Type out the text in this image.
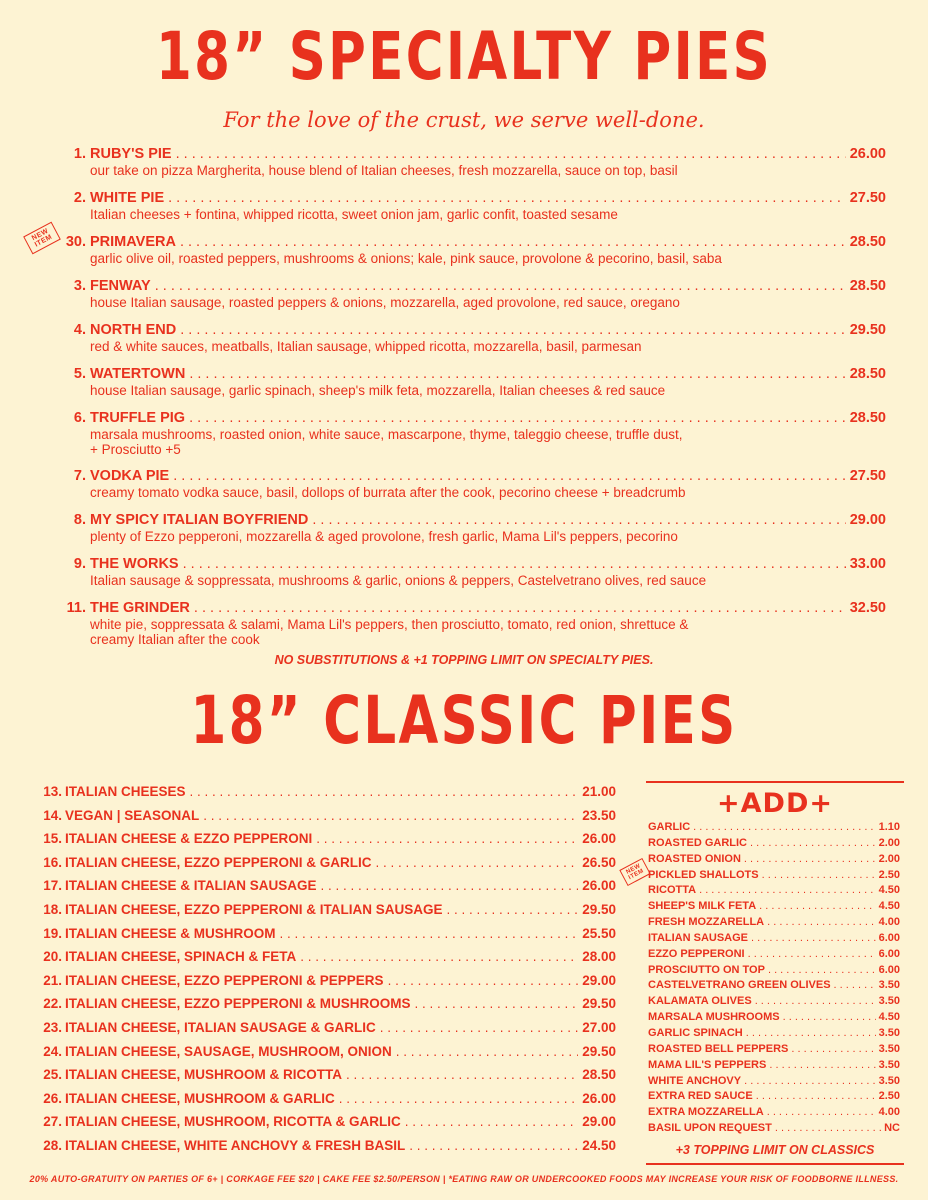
18” SPECIALTY PIES
For the love of the crust, we serve well-done.
1. RUBY'S PIE . . .	26.00
our take on pizza Margherita, house blend of Italian cheeses, fresh mozzarella, sauce on top, basil
2. WHITE PIE . . .	27.50
Italian cheeses + fontina, whipped ricotta, sweet onion jam, garlic confit, toasted sesame
30. PRIMAVERA . . .	28.50
garlic olive oil, roasted peppers, mushrooms & onions; kale, pink sauce, provolone & pecorino, basil, saba
NEW ITEM
3. FENWAY . . .	28.50
house Italian sausage, roasted peppers & onions, mozzarella, aged provolone, red sauce, oregano
4. NORTH END . . .	29.50
red & white sauces, meatballs, Italian sausage, whipped ricotta, mozzarella, basil, parmesan
5. WATERTOWN . . .	28.50
house Italian sausage, garlic spinach, sheep's milk feta, mozzarella, Italian cheeses & red sauce
6. TRUFFLE PIG . . .	28.50
marsala mushrooms, roasted onion, white sauce, mascarpone, thyme, taleggio cheese, truffle dust,
+ Prosciutto +5
7. VODKA PIE . . .	27.50
creamy tomato vodka sauce, basil, dollops of burrata after the cook, pecorino cheese + breadcrumb
8. MY SPICY ITALIAN BOYFRIEND . . .	29.00
plenty of Ezzo pepperoni, mozzarella & aged provolone, fresh garlic, Mama Lil's peppers, pecorino
9. THE WORKS . . .	33.00
Italian sausage & soppressata, mushrooms & garlic, onions & peppers, Castelvetrano olives, red sauce
11. THE GRINDER . . .	32.50
white pie, soppressata & salami, Mama Lil's peppers, then prosciutto, tomato, red onion, shrettuce &
creamy Italian after the cook
NO SUBSTITUTIONS & +1 TOPPING LIMIT ON SPECIALTY PIES.
18” CLASSIC PIES
13. ITALIAN CHEESES . . .	21.00
14. VEGAN | SEASONAL . . .	23.50
15. ITALIAN CHEESE & EZZO PEPPERONI . . .	26.00
16. ITALIAN CHEESE, EZZO PEPPERONI & GARLIC . . .	26.50
17. ITALIAN CHEESE & ITALIAN SAUSAGE . . .	26.00
18. ITALIAN CHEESE, EZZO PEPPERONI & ITALIAN SAUSAGE . . .	29.50
19. ITALIAN CHEESE & MUSHROOM . . .	25.50
20. ITALIAN CHEESE, SPINACH & FETA . . .	28.00
21. ITALIAN CHEESE, EZZO PEPPERONI & PEPPERS . . .	29.00
22. ITALIAN CHEESE, EZZO PEPPERONI & MUSHROOMS . . .	29.50
23. ITALIAN CHEESE, ITALIAN SAUSAGE & GARLIC . . .	27.00
24. ITALIAN CHEESE, SAUSAGE, MUSHROOM, ONION . . .	29.50
25. ITALIAN CHEESE, MUSHROOM & RICOTTA . . .	28.50
26. ITALIAN CHEESE, MUSHROOM & GARLIC . . .	26.00
27. ITALIAN CHEESE, MUSHROOM, RICOTTA & GARLIC . . .	29.00
28. ITALIAN CHEESE, WHITE ANCHOVY & FRESH BASIL . . .	24.50
+ADD+
GARLIC . . .	1.10
ROASTED GARLIC . . .	2.00
ROASTED ONION . . .	2.00
PICKLED SHALLOTS . . .	2.50
NEW ITEM
RICOTTA . . .	4.50
SHEEP'S MILK FETA . . .	4.50
FRESH MOZZARELLA . . .	4.00
ITALIAN SAUSAGE . . .	6.00
EZZO PEPPERONI . . .	6.00
PROSCIUTTO ON TOP . . .	6.00
CASTELVETRANO GREEN OLIVES . . .	3.50
KALAMATA OLIVES . . .	3.50
MARSALA MUSHROOMS . . .	4.50
GARLIC SPINACH . . .	3.50
ROASTED BELL PEPPERS . . .	3.50
MAMA LIL'S PEPPERS . . .	3.50
WHITE ANCHOVY . . .	3.50
EXTRA RED SAUCE . . .	2.50
EXTRA MOZZARELLA . . .	4.00
BASIL UPON REQUEST . . .	NC
+3 TOPPING LIMIT ON CLASSICS
20% AUTO-GRATUITY ON PARTIES OF 6+ | CORKAGE FEE $20 | CAKE FEE $2.50/PERSON | *EATING RAW OR UNDERCOOKED FOODS MAY INCREASE YOUR RISK OF FOODBORNE ILLNESS.
